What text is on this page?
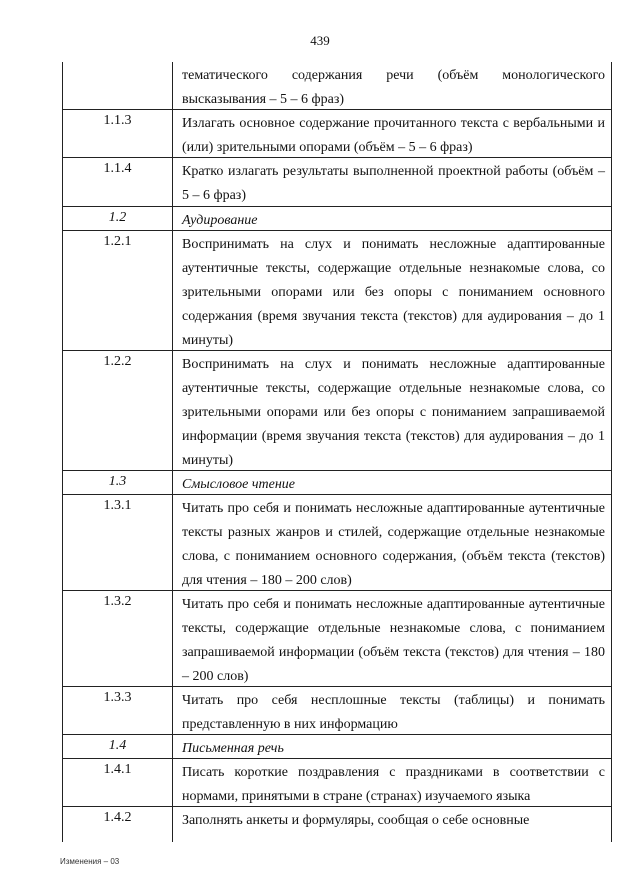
439
тематического содержания речи (объём монологического высказывания – 5 – 6 фраз)
1.1.3	Излагать основное содержание прочитанного текста с вербальными и (или) зрительными опорами (объём – 5 – 6 фраз)
1.1.4	Кратко излагать результаты выполненной проектной работы (объём – 5 – 6 фраз)
1.2	Аудирование
1.2.1	Воспринимать на слух и понимать несложные адаптированные аутентичные тексты, содержащие отдельные незнакомые слова, со зрительными опорами или без опоры с пониманием основного содержания (время звучания текста (текстов) для аудирования – до 1 минуты)
1.2.2	Воспринимать на слух и понимать несложные адаптированные аутентичные тексты, содержащие отдельные незнакомые слова, со зрительными опорами или без опоры с пониманием запрашиваемой информации (время звучания текста (текстов) для аудирования – до 1 минуты)
1.3	Смысловое чтение
1.3.1	Читать про себя и понимать несложные адаптированные аутентичные тексты разных жанров и стилей, содержащие отдельные незнакомые слова, с пониманием основного содержания, (объём текста (текстов) для чтения – 180 – 200 слов)
1.3.2	Читать про себя и понимать несложные адаптированные аутентичные тексты, содержащие отдельные незнакомые слова, с пониманием запрашиваемой информации (объём текста (текстов) для чтения – 180 – 200 слов)
1.3.3	Читать про себя несплошные тексты (таблицы) и понимать представленную в них информацию
1.4	Письменная речь
1.4.1	Писать короткие поздравления с праздниками в соответствии с нормами, принятыми в стране (странах) изучаемого языка
1.4.2	Заполнять анкеты и формуляры, сообщая о себе основные
Изменения – 03
